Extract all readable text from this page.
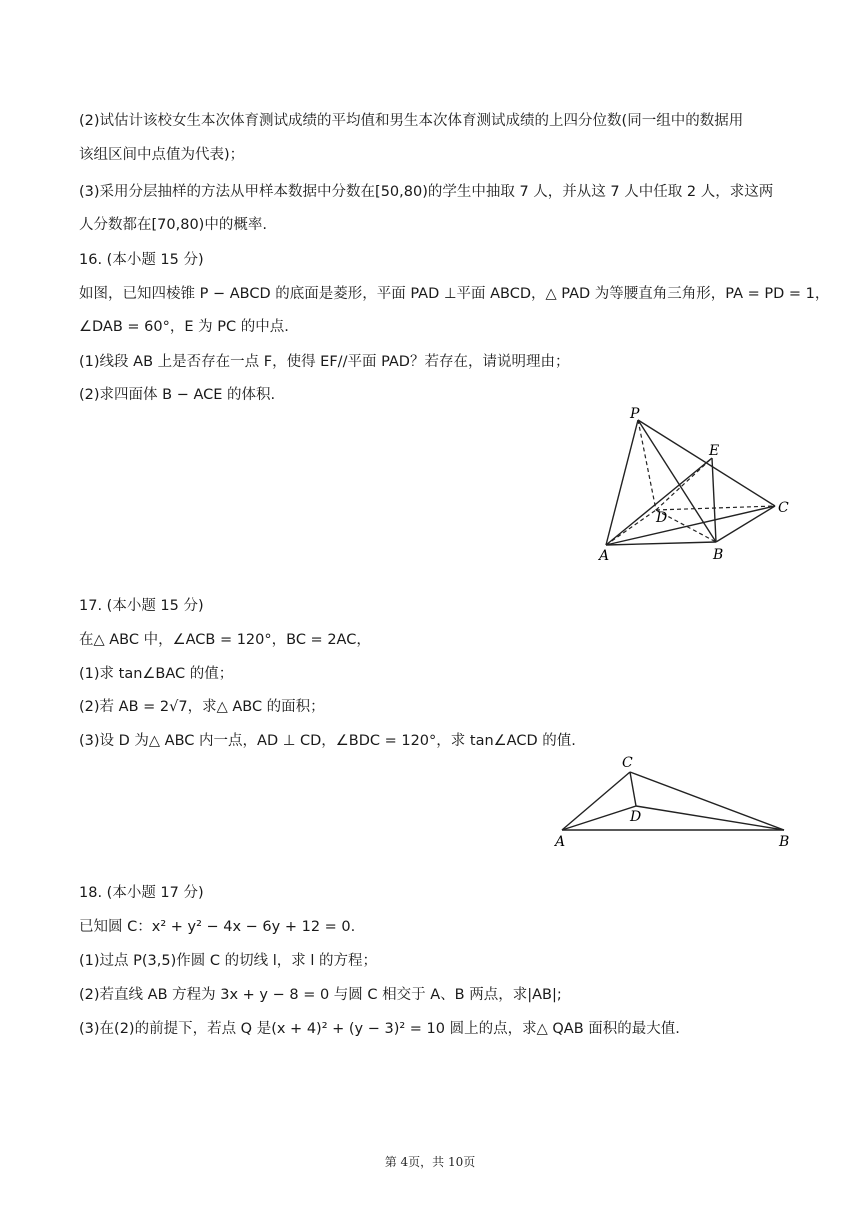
(2)试估计该校女生本次体育测试成绩的平均值和男生本次体育测试成绩的上四分位数(同一组中的数据用
该组区间中点值为代表)；
(3)采用分层抽样的方法从甲样本数据中分数在[50,80)的学生中抽取 7 人，并从这 7 人中任取 2 人，求这两
人分数都在[70,80)中的概率.
16. (本小题 15 分)
如图，已知四棱锥 P − ABCD 的底面是菱形，平面 PAD ⊥平面 ABCD，△ PAD 为等腰直角三角形，PA = PD = 1，
∠DAB = 60°，E 为 PC 的中点.
(1)线段 AB 上是否存在一点 F，使得 EF//平面 PAD？若存在，请说明理由；
(2)求四面体 B − ACE 的体积.
P
E
C
D
A	B
17. (本小题 15 分)
在△ ABC 中，∠ACB = 120°，BC = 2AC，
(1)求 tan∠BAC 的值；
(2)若 AB = 2√7，求△ ABC 的面积；
(3)设 D 为△ ABC 内一点，AD ⊥ CD，∠BDC = 120°，求 tan∠ACD 的值.
C
D
A	B
18. (本小题 17 分)
已知圆 C：x² + y² − 4x − 6y + 12 = 0.
(1)过点 P(3,5)作圆 C 的切线 l，求 l 的方程；
(2)若直线 AB 方程为 3x + y − 8 = 0 与圆 C 相交于 A、B 两点，求|AB|;
(3)在(2)的前提下，若点 Q 是(x + 4)² + (y − 3)² = 10 圆上的点，求△ QAB 面积的最大值.
第 4页，共 10页
